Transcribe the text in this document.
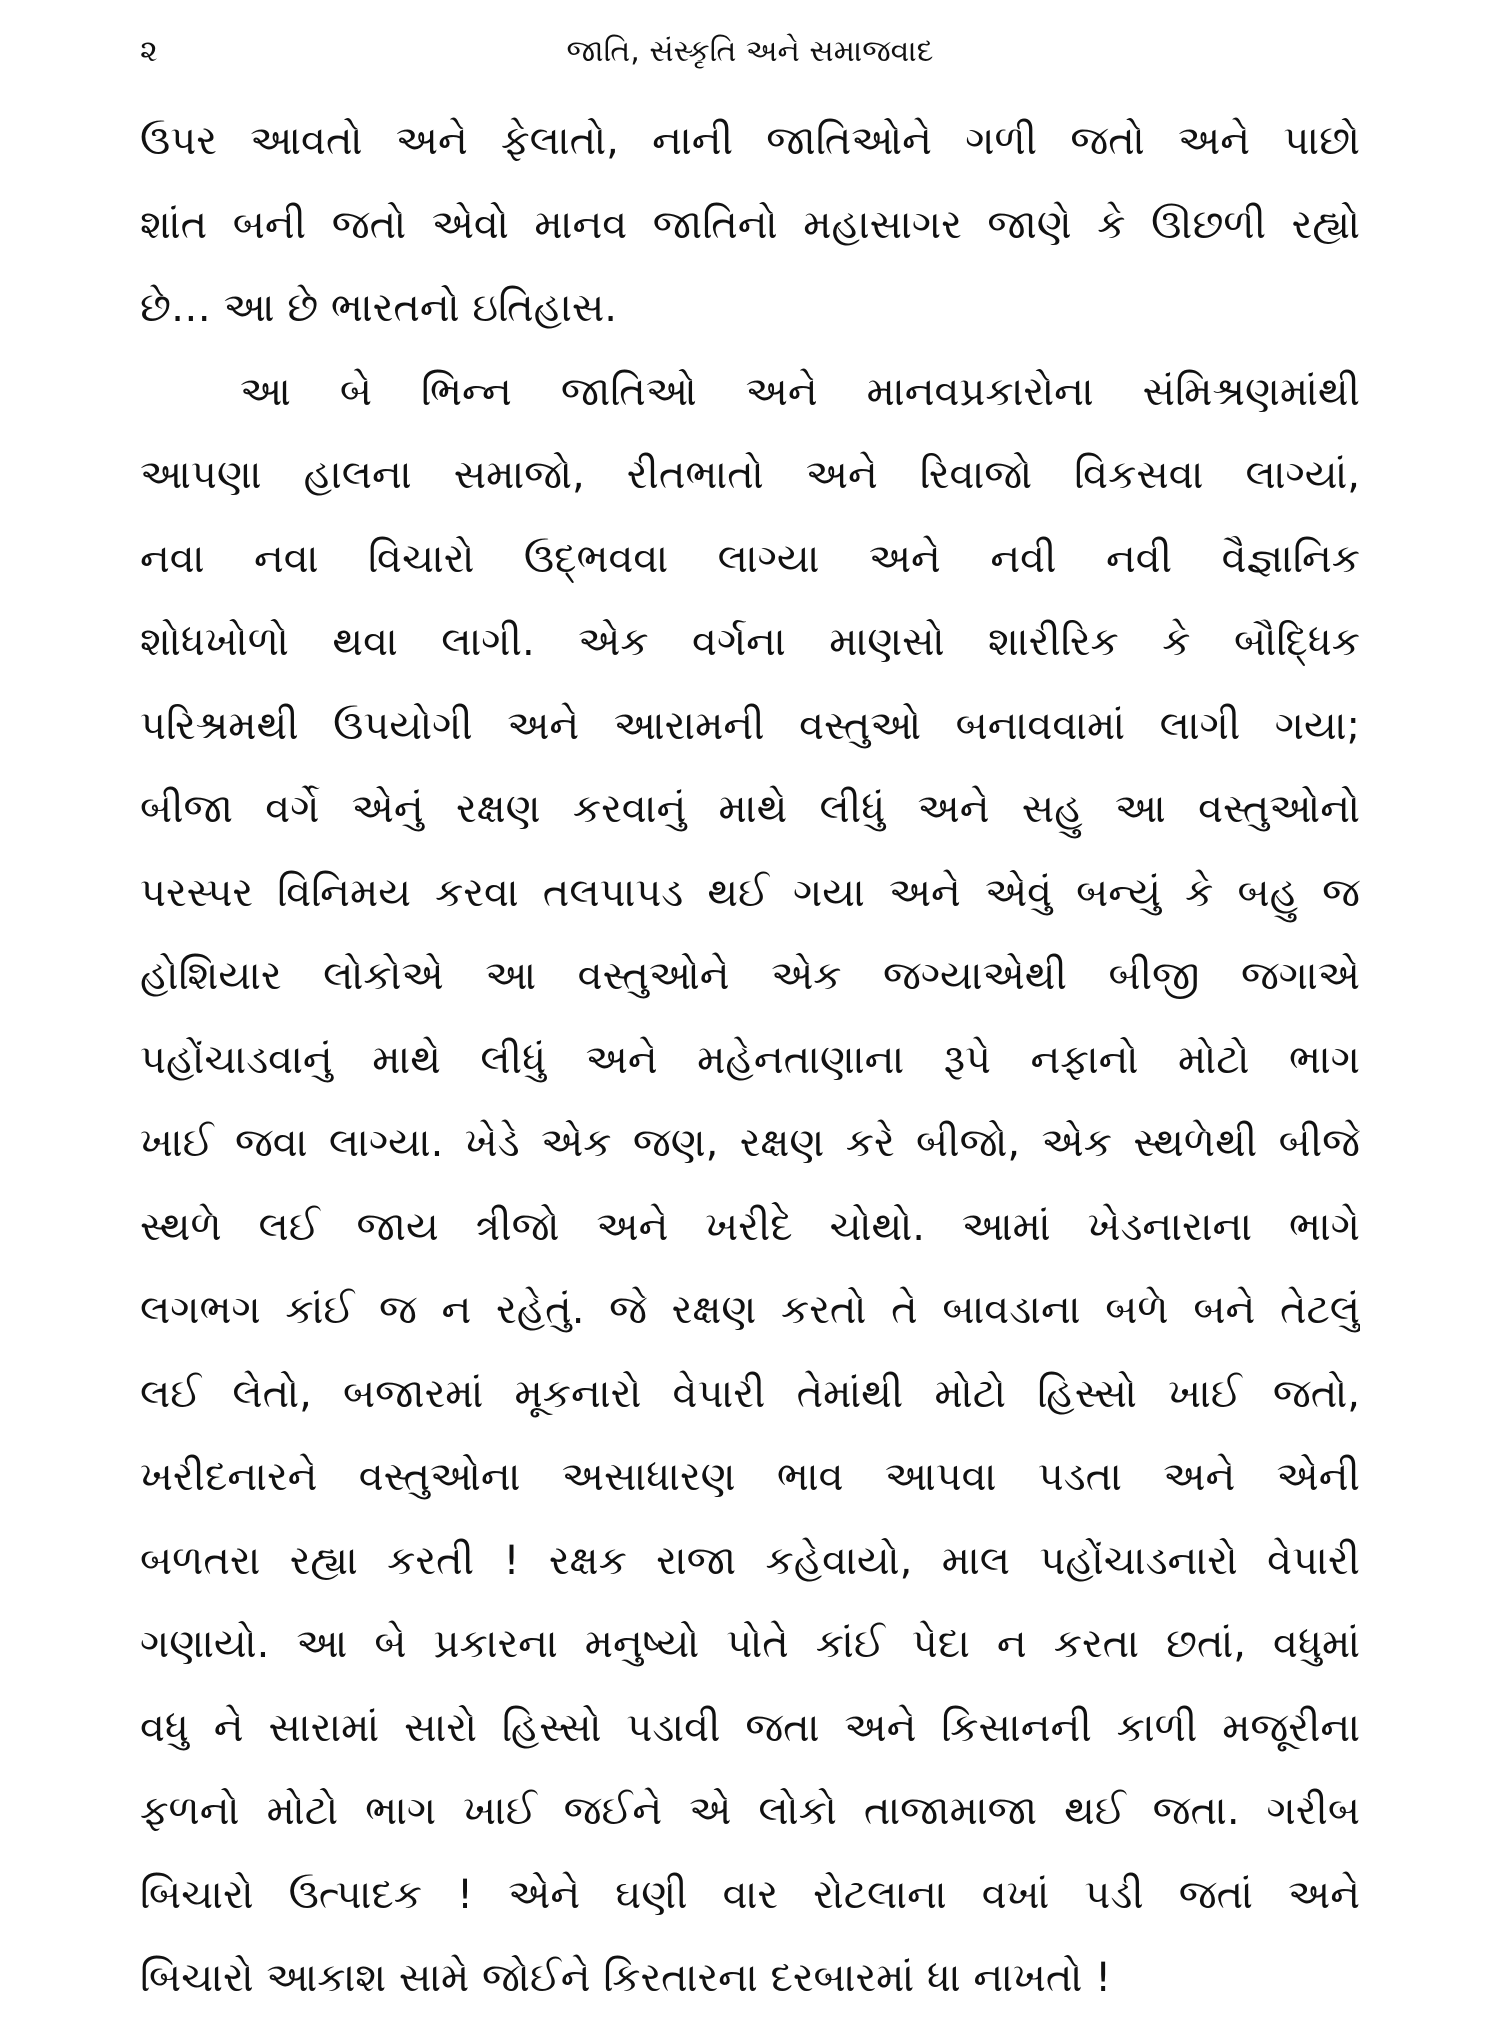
૨	જાતિ, સંસ્કૃતિ અને સમાજવાદ
ઉપર આવતો અને ફેલાતો, નાની જાતિઓને ગળી જતો અને પાછો
શાંત બની જતો એવો માનવ જાતિનો મહાસાગર જાણે કે ઊછળી રહ્યો
છે… આ છે ભારતનો ઇતિહાસ.
આ બે ભિન્ન જાતિઓ અને માનવપ્રકારોના સંમિશ્રણમાંથી
આપણા હાલના સમાજો, રીતભાતો અને રિવાજો વિકસવા લાગ્યાં,
નવા નવા વિચારો ઉદ્ભવવા લાગ્યા અને નવી નવી વૈજ્ઞાનિક
શોધખોળો થવા લાગી. એક વર્ગના માણસો શારીરિક કે બૌદ્ધિક
પરિશ્રમથી ઉપયોગી અને આરામની વસ્તુઓ બનાવવામાં લાગી ગયા;
બીજા વર્ગે એનું રક્ષણ કરવાનું માથે લીધું અને સહુ આ વસ્તુઓનો
પરસ્પર વિનિમય કરવા તલપાપડ થઈ ગયા અને એવું બન્યું કે બહુ જ
હોશિયાર લોકોએ આ વસ્તુઓને એક જગ્યાએથી બીજી જગાએ
પહોંચાડવાનું માથે લીધું અને મહેનતાણાના રૂપે નફાનો મોટો ભાગ
ખાઈ જવા લાગ્યા. ખેડે એક જણ, રક્ષણ કરે બીજો, એક સ્થળેથી બીજે
સ્થળે લઈ જાય ત્રીજો અને ખરીદે ચોથો. આમાં ખેડનારાના ભાગે
લગભગ કાંઈ જ ન રહેતું. જે રક્ષણ કરતો તે બાવડાના બળે બને તેટલું
લઈ લેતો, બજારમાં મૂકનારો વેપારી તેમાંથી મોટો હિસ્સો ખાઈ જતો,
ખરીદનારને વસ્તુઓના અસાધારણ ભાવ આપવા પડતા અને એની
બળતરા રહ્યા કરતી ! રક્ષક રાજા કહેવાયો, માલ પહોંચાડનારો વેપારી
ગણાયો. આ બે પ્રકારના મનુષ્યો પોતે કાંઈ પેદા ન કરતા છતાં, વધુમાં
વધુ ને સારામાં સારો હિસ્સો પડાવી જતા અને કિસાનની કાળી મજૂરીના
ફળનો મોટો ભાગ ખાઈ જઈને એ લોકો તાજામાજા થઈ જતા. ગરીબ
બિચારો ઉત્પાદક ! એને ઘણી વાર રોટલાના વખાં પડી જતાં અને
બિચારો આકાશ સામે જોઈને કિરતારના દરબારમાં ધા નાખતો !
